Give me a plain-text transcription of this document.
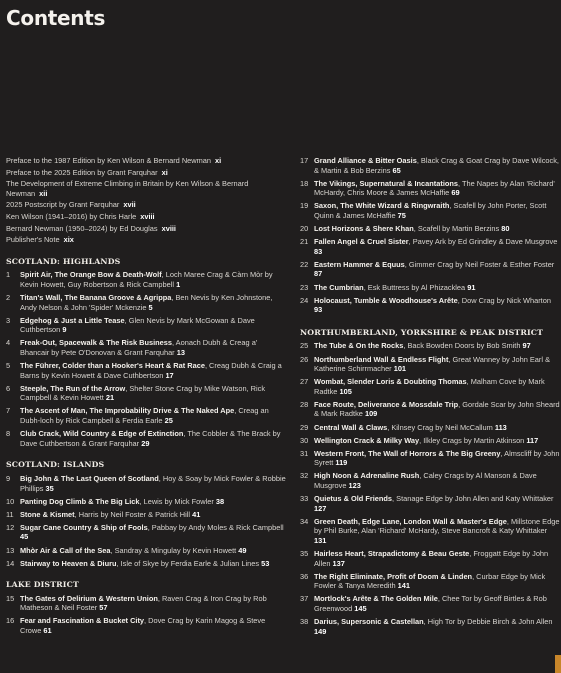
Contents
Preface to the 1987 Edition by Ken Wilson & Bernard Newman xi
Preface to the 2025 Edition by Grant Farquhar xi
The Development of Extreme Climbing in Britain by Ken Wilson & Bernard Newman xii
2025 Postscript by Grant Farquhar xvii
Ken Wilson (1941–2016) by Chris Harle xviii
Bernard Newman (1950–2024) by Ed Douglas xviii
Publisher's Note xix
SCOTLAND: HIGHLANDS
1	Spirit Air, The Orange Bow & Death-Wolf, Loch Maree Crag & Càrn Mòr by Kevin Howett, Guy Robertson & Rick Campbell 1
2	Titan's Wall, The Banana Groove & Agrippa, Ben Nevis by Ken Johnstone, Andy Nelson & John 'Spider' Mckenzie 5
3	Edgehog & Just a Little Tease, Glen Nevis by Mark McGowan & Dave Cuthbertson 9
4	Freak-Out, Spacewalk & The Risk Business, Aonach Dubh & Creag a' Bhancair by Pete O'Donovan & Grant Farquhar 13
5	The Führer, Colder than a Hooker's Heart & Rat Race, Creag Dubh & Craig a Barns by Kevin Howett & Dave Cuthbertson 17
6	Steeple, The Run of the Arrow, Shelter Stone Crag by Mike Watson, Rick Campbell & Kevin Howett 21
7	The Ascent of Man, The Improbability Drive & The Naked Ape, Creag an Dubh-loch by Rick Campbell & Ferdia Earle 25
8	Club Crack, Wild Country & Edge of Extinction, The Cobbler & The Brack by Dave Cuthbertson & Grant Farquhar 29
SCOTLAND: ISLANDS
9	Big John & The Last Queen of Scotland, Hoy & Soay by Mick Fowler & Robbie Phillips 35
10 Panting Dog Climb & The Big Lick, Lewis by Mick Fowler 38
11 Stone & Kismet, Harris by Neil Foster & Patrick Hill 41
12 Sugar Cane Country & Ship of Fools, Pabbay by Andy Moles & Rick Campbell 45
13 Mhòr Air & Call of the Sea, Sandray & Mingulay by Kevin Howett 49
14 Stairway to Heaven & Diuru, Isle of Skye by Ferdia Earle & Julian Lines 53
LAKE DISTRICT
15 The Gates of Delirium & Western Union, Raven Crag & Iron Crag by Rob Matheson & Neil Foster 57
16 Fear and Fascination & Bucket City, Dove Crag by Karin Magog & Steve Crowe 61
17 Grand Alliance & Bitter Oasis, Black Crag & Goat Crag by Dave Wilcock, & Martin & Bob Berzins 65
18 The Vikings, Supernatural & Incantations, The Napes by Alan 'Richard' McHardy, Chris Moore & James McHaffie 69
19 Saxon, The White Wizard & Ringwraith, Scafell by John Porter, Scott Quinn & James McHaffie 75
20 Lost Horizons & Shere Khan, Scafell by Martin Berzins 80
21 Fallen Angel & Cruel Sister, Pavey Ark by Ed Grindley & Dave Musgrove 83
22 Eastern Hammer & Equus, Gimmer Crag by Neil Foster & Esther Foster 87
23 The Cumbrian, Esk Buttress by Al Phizacklea 91
24 Holocaust, Tumble & Woodhouse's Arête, Dow Crag by Nick Wharton 93
NORTHUMBERLAND, YORKSHIRE & PEAK DISTRICT
25 The Tube & On the Rocks, Back Bowden Doors by Bob Smith 97
26 Northumberland Wall & Endless Flight, Great Wanney by John Earl & Katherine Schirrmacher 101
27 Wombat, Slender Loris & Doubting Thomas, Malham Cove by Mark Radtke 105
28 Face Route, Deliverance & Mossdale Trip, Gordale Scar by John Sheard & Mark Radtke 109
29 Central Wall & Claws, Kilnsey Crag by Neil McCallum 113
30 Wellington Crack & Milky Way, Ilkley Crags by Martin Atkinson 117
31 Western Front, The Wall of Horrors & The Big Greeny, Almscliff by John Syrett 119
32 High Noon & Adrenaline Rush, Caley Crags by Al Manson & Dave Musgrove 123
33 Quietus & Old Friends, Stanage Edge by John Allen and Katy Whittaker 127
34 Green Death, Edge Lane, London Wall & Master's Edge, Millstone Edge by Phil Burke, Alan 'Richard' McHardy, Steve Bancroft & Katy Whittaker 131
35 Hairless Heart, Strapadictomy & Beau Geste, Froggatt Edge by John Allen 137
36 The Right Eliminate, Profit of Doom & Linden, Curbar Edge by Mick Fowler & Tanya Meredith 141
37 Mortlock's Arête & The Golden Mile, Chee Tor by Geoff Birtles & Rob Greenwood 145
38 Darius, Supersonic & Castellan, High Tor by Debbie Birch & John Allen 149
